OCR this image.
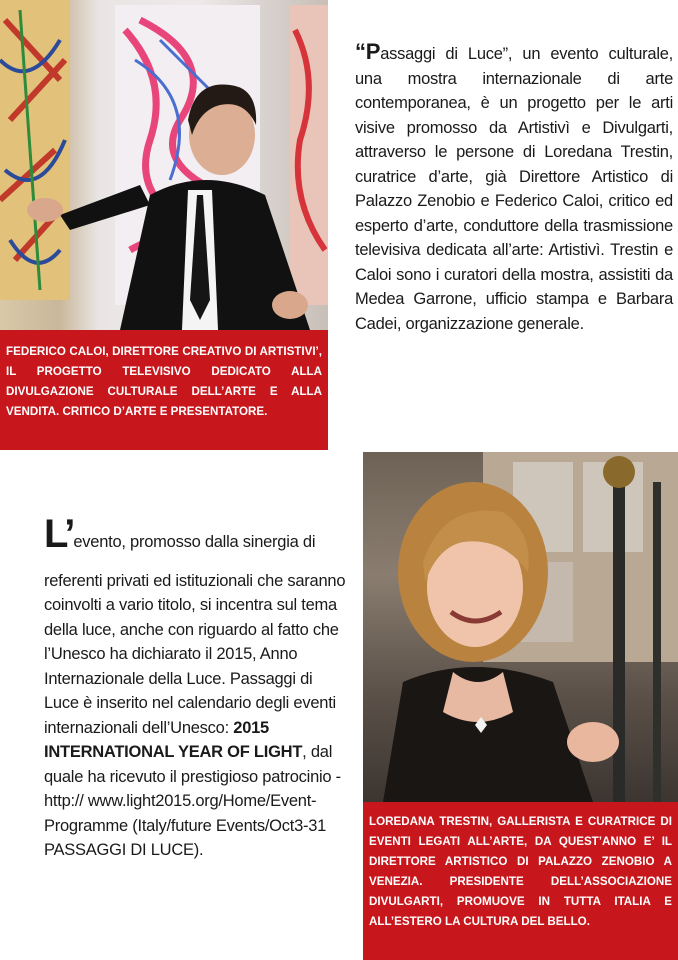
FEDERICO CALOI, DIRETTORE CREATIVO DI ARTISTIVI’, IL PROGETTO TELEVISIVO DEDICATO ALLA DIVULGAZIONE CULTURALE DELL’ARTE E ALLA VENDITA. CRITICO D’ARTE E PRESENTATORE.

“Passaggi di Luce”, un evento culturale, una mostra internazionale di arte contemporanea, è un progetto per le arti visive promosso da Artistivì e Divulgarti, attraverso le persone di Loredana Trestin, curatrice d’arte, già Direttore Artistico di Palazzo Zenobio e Federico Caloi, critico ed esperto d’arte, conduttore della trasmissione televisiva dedicata all’arte: Artistivì. Trestin e Caloi sono i curatori della mostra, assistiti da Medea Garrone, ufficio stampa e Barbara Cadei, organizzazione generale.

L’evento, promosso dalla sinergia di
referenti privati ed istituzionali che saranno coinvolti a vario titolo, si incentra sul tema della luce, anche con riguardo al fatto che l’Unesco ha dichiarato il 2015, Anno Internazionale della Luce. Passaggi di Luce è inserito nel calendario degli eventi internazionali dell’Unesco: 2015 INTERNATIONAL YEAR OF LIGHT, dal quale ha ricevuto il prestigioso patrocinio - http:// www.light2015.org/Home/Event-Programme (Italy/future Events/Oct3-31 PASSAGGI DI LUCE).

LOREDANA TRESTIN, GALLERISTA E CURATRICE DI EVENTI LEGATI ALL’ARTE, DA QUEST’ANNO E’ IL DIRETTORE ARTISTICO DI PALAZZO ZENOBIO A VENEZIA. PRESIDENTE DELL’ASSOCIAZIONE DIVULGARTI, PROMUOVE IN TUTTA ITALIA E ALL’ESTERO LA CULTURA DEL BELLO.
